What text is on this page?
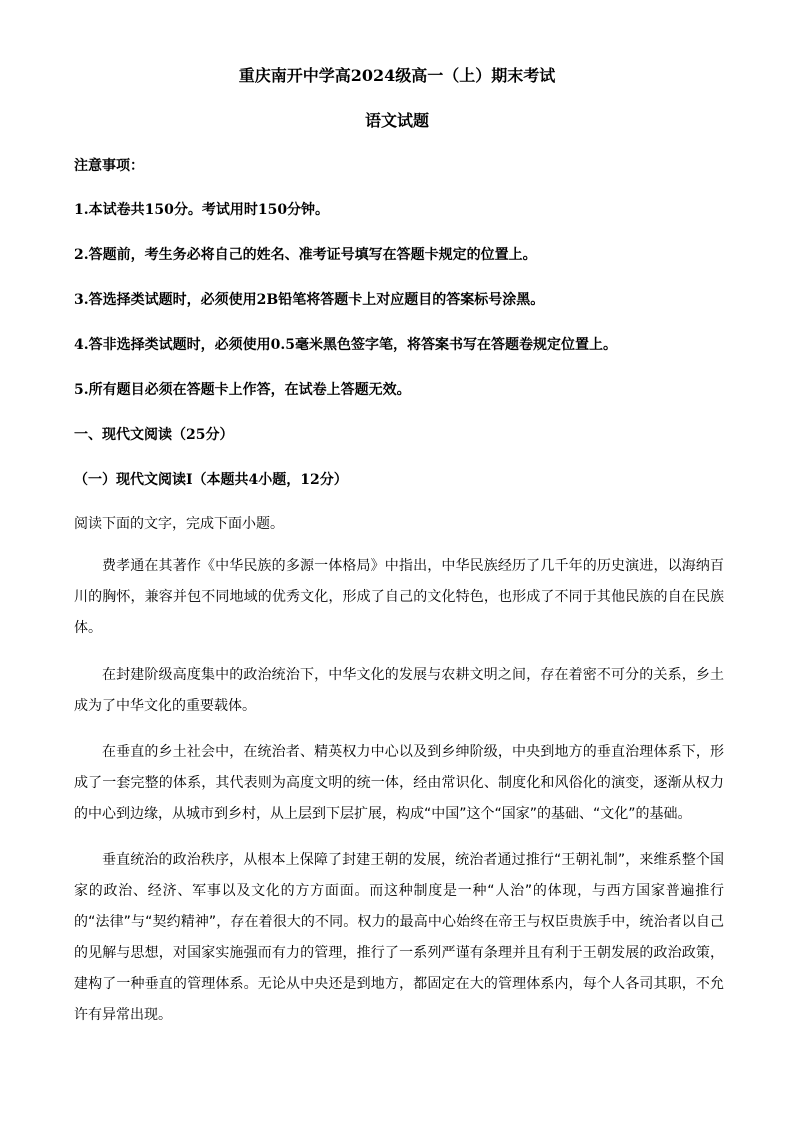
重庆南开中学高2024级高一（上）期末考试
语文试题
注意事项：
1.本试卷共150分。考试用时150分钟。
2.答题前，考生务必将自己的姓名、准考证号填写在答题卡规定的位置上。
3.答选择类试题时，必须使用2B铅笔将答题卡上对应题目的答案标号涂黑。
4.答非选择类试题时，必须使用0.5毫米黑色签字笔，将答案书写在答题卷规定位置上。
5.所有题目必须在答题卡上作答，在试卷上答题无效。
一、现代文阅读（25分）
（一）现代文阅读Ⅰ（本题共4小题，12分）
阅读下面的文字，完成下面小题。
费孝通在其著作《中华民族的多源一体格局》中指出，中华民族经历了几千年的历史演进，以海纳百川的胸怀，兼容并包不同地域的优秀文化，形成了自己的文化特色，也形成了不同于其他民族的自在民族体。
在封建阶级高度集中的政治统治下，中华文化的发展与农耕文明之间，存在着密不可分的关系，乡土成为了中华文化的重要载体。
在垂直的乡土社会中，在统治者、精英权力中心以及到乡绅阶级，中央到地方的垂直治理体系下，形成了一套完整的体系，其代表则为高度文明的统一体，经由常识化、制度化和风俗化的演变，逐渐从权力的中心到边缘，从城市到乡村，从上层到下层扩展，构成“中国”这个“国家”的基础、“文化”的基础。
垂直统治的政治秩序，从根本上保障了封建王朝的发展，统治者通过推行“王朝礼制”，来维系整个国家的政治、经济、军事以及文化的方方面面。而这种制度是一种“人治”的体现，与西方国家普遍推行的“法律”与“契约精神”，存在着很大的不同。权力的最高中心始终在帝王与权臣贵族手中，统治者以自己的见解与思想，对国家实施强而有力的管理，推行了一系列严谨有条理并且有利于王朝发展的政治政策，建构了一种垂直的管理体系。无论从中央还是到地方，都固定在大的管理体系内，每个人各司其职，不允许有异常出现。
